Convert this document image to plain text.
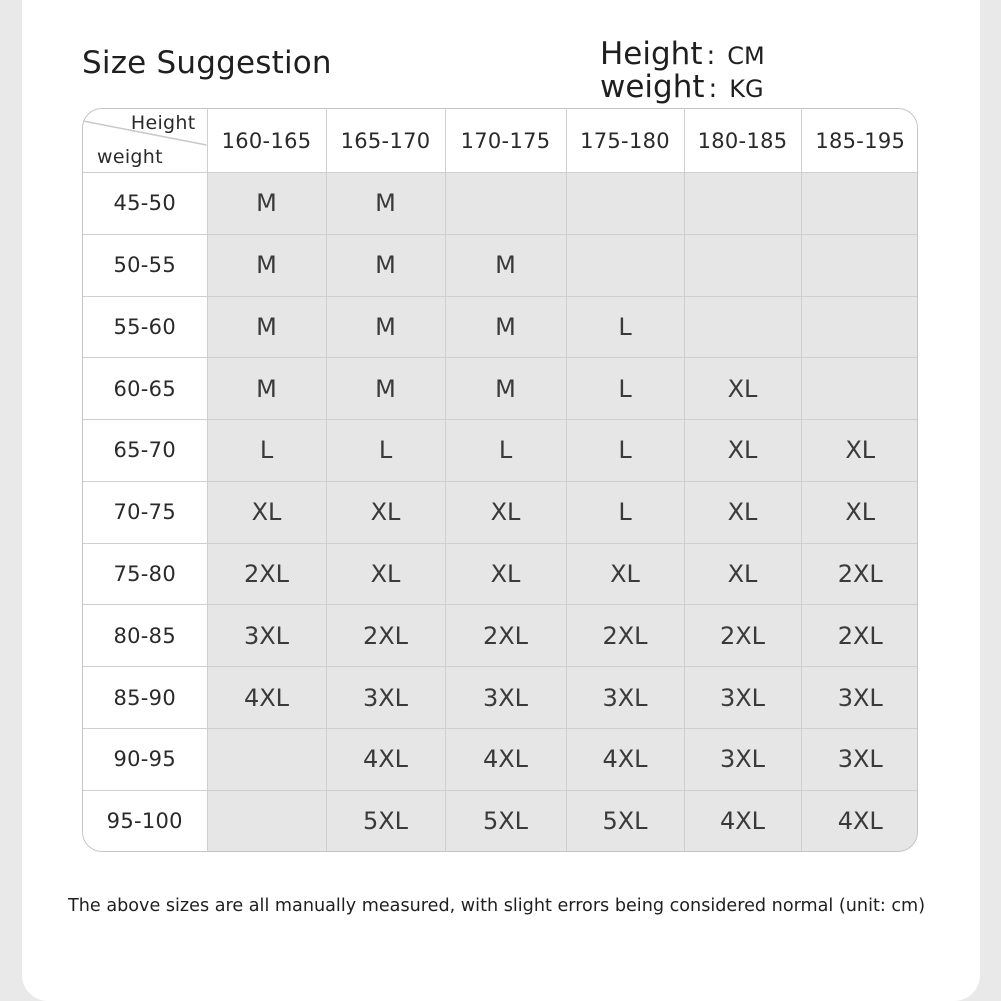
Size Suggestion	Height : CM
weight : KG
Height
weight	160-165	165-170	170-175	175-180	180-185	185-195
45-50	M	M				
50-55	M	M	M			
55-60	M	M	M	L		
60-65	M	M	M	L	XL	
65-70	L	L	L	L	XL	XL
70-75	XL	XL	XL	L	XL	XL
75-80	2XL	XL	XL	XL	XL	2XL
80-85	3XL	2XL	2XL	2XL	2XL	2XL
85-90	4XL	3XL	3XL	3XL	3XL	3XL
90-95		4XL	4XL	4XL	3XL	3XL
95-100		5XL	5XL	5XL	4XL	4XL
The above sizes are all manually measured, with slight errors being considered normal (unit: cm)
